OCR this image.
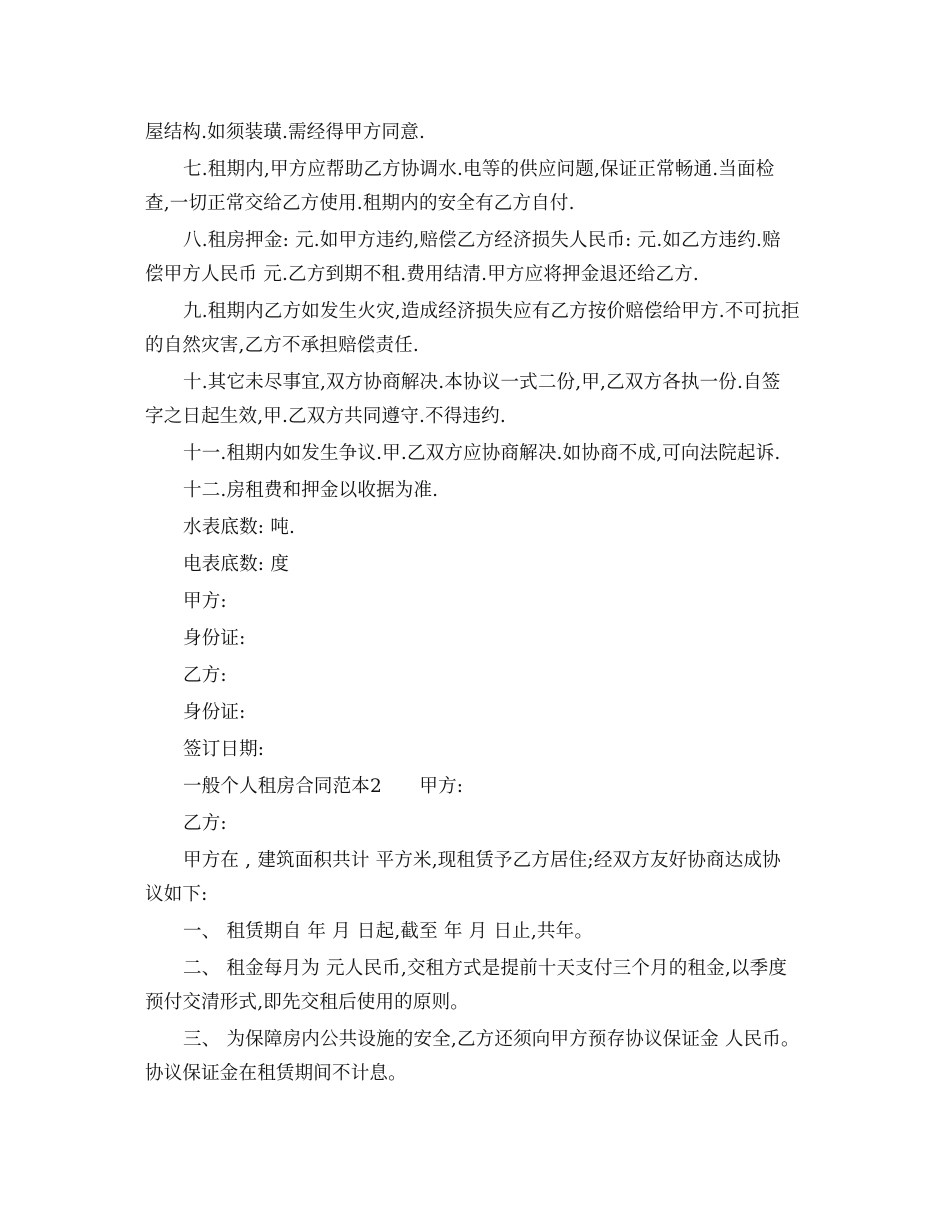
屋结构.如须装璜.需经得甲方同意.
七.租期内,甲方应帮助乙方协调水.电等的供应问题,保证正常畅通.当面检
查,一切正常交给乙方使用.租期内的安全有乙方自付.
八.租房押金: 元.如甲方违约,赔偿乙方经济损失人民币: 元.如乙方违约.赔
偿甲方人民币 元.乙方到期不租.费用结清.甲方应将押金退还给乙方.
九.租期内乙方如发生火灾,造成经济损失应有乙方按价赔偿给甲方.不可抗拒
的自然灾害,乙方不承担赔偿责任.
十.其它未尽事宜,双方协商解决.本协议一式二份,甲,乙双方各执一份.自签
字之日起生效,甲.乙双方共同遵守.不得违约.
十一.租期内如发生争议.甲.乙双方应协商解决.如协商不成,可向法院起诉.
十二.房租费和押金以收据为准.
水表底数: 吨.
电表底数: 度
甲方:
身份证:
乙方:
身份证:
签订日期:
一般个人租房合同范本2　　甲方:
乙方:
甲方在 , 建筑面积共计 平方米,现租赁予乙方居住;经双方友好协商达成协
议如下:
一、 租赁期自 年 月 日起,截至 年 月 日止,共年。
二、 租金每月为 元人民币,交租方式是提前十天支付三个月的租金,以季度
预付交清形式,即先交租后使用的原则。
三、 为保障房内公共设施的安全,乙方还须向甲方预存协议保证金 人民币。
协议保证金在租赁期间不计息。
